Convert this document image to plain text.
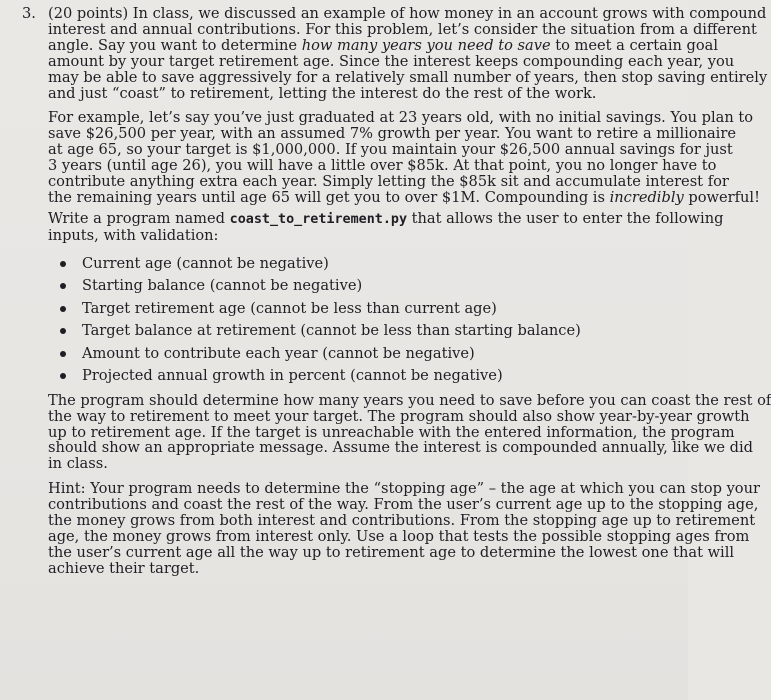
3. (20 points) In class, we discussed an example of how money in an account grows with compound
interest and annual contributions. For this problem, let’s consider the situation from a different
angle. Say you want to determine how many years you need to save to meet a certain goal
amount by your target retirement age. Since the interest keeps compounding each year, you
may be able to save aggressively for a relatively small number of years, then stop saving entirely
and just “coast” to retirement, letting the interest do the rest of the work.
For example, let’s say you’ve just graduated at 23 years old, with no initial savings. You plan to
save $26,500 per year, with an assumed 7% growth per year. You want to retire a millionaire
at age 65, so your target is $1,000,000. If you maintain your $26,500 annual savings for just
3 years (until age 26), you will have a little over $85k. At that point, you no longer have to
contribute anything extra each year. Simply letting the $85k sit and accumulate interest for
the remaining years until age 65 will get you to over $1M. Compounding is incredibly powerful!
Write a program named coast_to_retirement.py that allows the user to enter the following
inputs, with validation:
Current age (cannot be negative)
Starting balance (cannot be negative)
Target retirement age (cannot be less than current age)
Target balance at retirement (cannot be less than starting balance)
Amount to contribute each year (cannot be negative)
Projected annual growth in percent (cannot be negative)
The program should determine how many years you need to save before you can coast the rest of
the way to retirement to meet your target. The program should also show year-by-year growth
up to retirement age. If the target is unreachable with the entered information, the program
should show an appropriate message. Assume the interest is compounded annually, like we did
in class.
Hint: Your program needs to determine the “stopping age” – the age at which you can stop your
contributions and coast the rest of the way. From the user’s current age up to the stopping age,
the money grows from both interest and contributions. From the stopping age up to retirement
age, the money grows from interest only. Use a loop that tests the possible stopping ages from
the user’s current age all the way up to retirement age to determine the lowest one that will
achieve their target.
